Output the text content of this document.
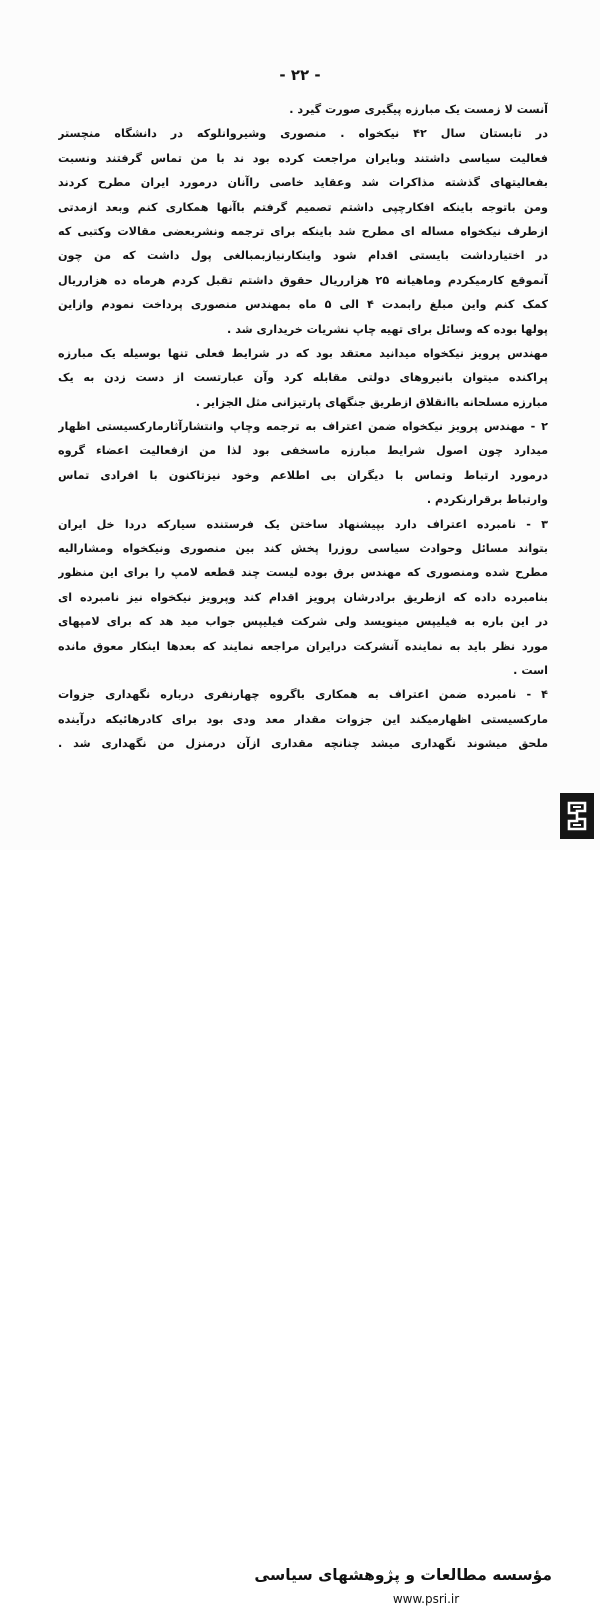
- ۲۲ -
آنست لا زمست یک مبارزه پیگیری صورت گیرد .
در تابستان سال ۴۲ نیکخواه . منصوری وشیروانلوکه در دانشگاه منچستر
فعالیت سیاسی داشتند وبایران مراجعت کرده بود ند با من تماس گرفتند ونسبت
بفعالیتهای گذشته مذاکرات شد وعقاید خاصی راآنان درمورد ایران مطرح کردند
ومن باتوجه باینکه افکارچپی داشتم تصمیم گرفتم باآنها همکاری کنم وبعد ازمدتی
ازطرف نیکخواه مساله ای مطرح شد باینکه برای ترجمه ونشربعضی مقالات وکتبی که
در اختیارداشت بایستی اقدام شود واینکارنیازبمبالغی پول داشت که من چون
آنموقع کارمیکردم وماهیانه ۲۵ هزارریال حقوق داشتم تقبل کردم هرماه ده هزارریال
کمک کنم واین مبلغ رابمدت ۴ الی ۵ ماه بمهندس منصوری پرداخت نمودم وازاین
پولها بوده که وسائل برای تهیه چاپ نشریات خریداری شد .
مهندس پرویز نیکخواه میدانید معتقد بود که در شرایط فعلی تنها بوسیله یک مبارزه
پراکنده میتوان بانیروهای دولتی مقابله کرد وآن عبارتست از دست زدن به یک
مبارزه مسلحانه باانقلاق ازطریق جنگهای پارتیزانی مثل الجزایر .
۲ - مهندس پرویز نیکخواه ضمن اعتراف به ترجمه وچاپ وانتشارآثارمارکسیستی اظهار
میدارد چون اصول شرایط مبارزه ماسخفی بود لذا من ازفعالیت اعضاء گروه
درمورد ارتباط وتماس با دیگران بی اطلاعم وخود نیزتاکنون با افرادی تماس
وارتباط برقرارنکردم .
۳ - نامبرده اعتراف دارد بپیشنهاد ساختن یک فرستنده سیارکه دردا خل ایران
بتواند مسائل وحوادث سیاسی روزرا پخش کند بین منصوری ونیکخواه ومشارالیه
مطرح شده ومنصوری که مهندس برق بوده لیست چند قطعه لامپ را برای این منظور
بنامبرده داده که ازطریق برادرشان پرویز اقدام کند وپرویز نیکخواه نیز نامبرده ای
در این باره به فیلیپس مینویسد ولی شرکت فیلیپس جواب مید هد که برای لامپهای
مورد نظر باید به نماینده آنشرکت درایران مراجعه نمایند که بعدها اینکار معوق مانده
است .
۴ - نامبرده ضمن اعتراف به همکاری باگروه چهارنفری درباره نگهداری جزوات
مارکسیستی اظهارمیکند این جزوات مقدار معد ودی بود برای کادرهائیکه درآینده
ملحق میشوند نگهداری میشد چنانچه مقداری ازآن درمنزل من نگهداری شد .
مؤسسه مطالعات و پژوهشهای سیاسی
www.psri.ir
